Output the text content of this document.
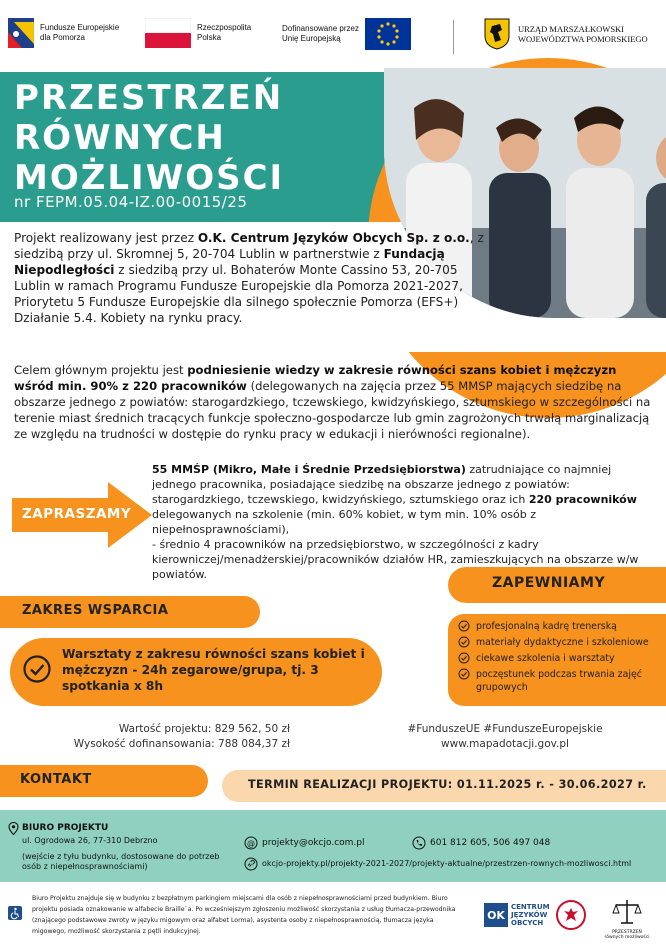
Fundusze Europejskie
dla Pomorza
Rzeczpospolita
Polska
Dofinansowane przez
Unię Europejską
URZĄD MARSZAŁKOWSKI
WOJEWÓDZTWA POMORSKIEGO
PRZESTRZEŃ
RÓWNYCH
MOŻLIWOŚCI
nr FEPM.05.04-IZ.00-0015/25

Projekt realizowany jest przez O.K. Centrum Języków Obcych Sp. z o.o., z siedzibą przy ul. Skromnej 5, 20-704 Lublin w partnerstwie z Fundacją Niepodległości z siedzibą przy ul. Bohaterów Monte Cassino 53, 20-705 Lublin w ramach Programu Fundusze Europejskie dla Pomorza 2021-2027, Priorytetu 5 Fundusze Europejskie dla silnego społecznie Pomorza (EFS+) Działanie 5.4. Kobiety na rynku pracy.

Celem głównym projektu jest podniesienie wiedzy w zakresie równości szans kobiet i mężczyzn wśród min. 90% z 220 pracowników (delegowanych na zajęcia przez 55 MMSP mających siedzibę na obszarze jednego z powiatów: starogardzkiego, tczewskiego, kwidzyńskiego, sztumskiego w szczególności na terenie miast średnich tracących funkcje społeczno-gospodarcze lub gmin zagrożonych trwałą marginalizacją ze względu na trudności w dostępie do rynku pracy w edukacji i nierówności regionalne).

ZAPRASZAMY

55 MMŚP (Mikro, Małe i Średnie Przedsiębiorstwa) zatrudniające co najmniej jednego pracownika, posiadające siedzibę na obszarze jednego z powiatów: starogardzkiego, tczewskiego, kwidzyńskiego, sztumskiego oraz ich 220 pracowników delegowanych na szkolenie (min. 60% kobiet, w tym min. 10% osób z niepełnosprawnościami),

- średnio 4 pracowników na przedsiębiorstwo, w szczególności z kadry kierowniczej/menadżerskiej/pracowników działów HR, zamieszkujących na obszarze w/w powiatów.

ZAPEWNIAMY
ZAKRES WSPARCIA
Warsztaty z zakresu równości szans kobiet i mężczyzn - 24h zegarowe/grupa, tj. 3 spotkania x 8h
profesjonalną kadrę trenerską
materiały dydaktyczne i szkoleniowe
ciekawe szkolenia i warsztaty
poczęstunek podczas trwania zajęć grupowych
Wartość projektu: 829 562, 50 zł
Wysokość dofinansowania: 788 084,37 zł
#FunduszeUE #FunduszeEuropejskie
www.mapadotacji.gov.pl
KONTAKT	TERMIN REALIZACJI PROJEKTU: 01.11.2025 r. - 30.06.2027 r.
BIURO PROJEKTU
ul. Ogrodowa 26, 77-310 Debrzno
(wejście z tyłu budynku, dostosowane do potrzeb osób z niepełnosprawnościami)
@ projekty@okcjo.com.pl	601 812 605, 506 497 048
okcjo-projekty.pl/projekty-2021-2027/projekty-aktualne/przestrzen-rownych-mozliwosci.html
Biuro Projektu znajduje się w budynku z bezpłatnym parkingiem miejscami dla osób z niepełnosprawnościami przed budynkiem. Biuro projektu posiada oznakowanie w alfabecie Braille`a. Po wcześniejszym zgłoszeniu możliwość skorzystania z usług tłumacza-przewodnika (znającego podstawowe zwroty w języku migowym oraz alfabet Lorma), asystenta osoby z niepełnosprawnością, tłumacza języka migowego, możliwość skorzystania z pętli indukcyjnej.
OK
CENTRUM
JĘZYKÓW
OBCYCH
PRZESTRZEŃ
równych możliwości
